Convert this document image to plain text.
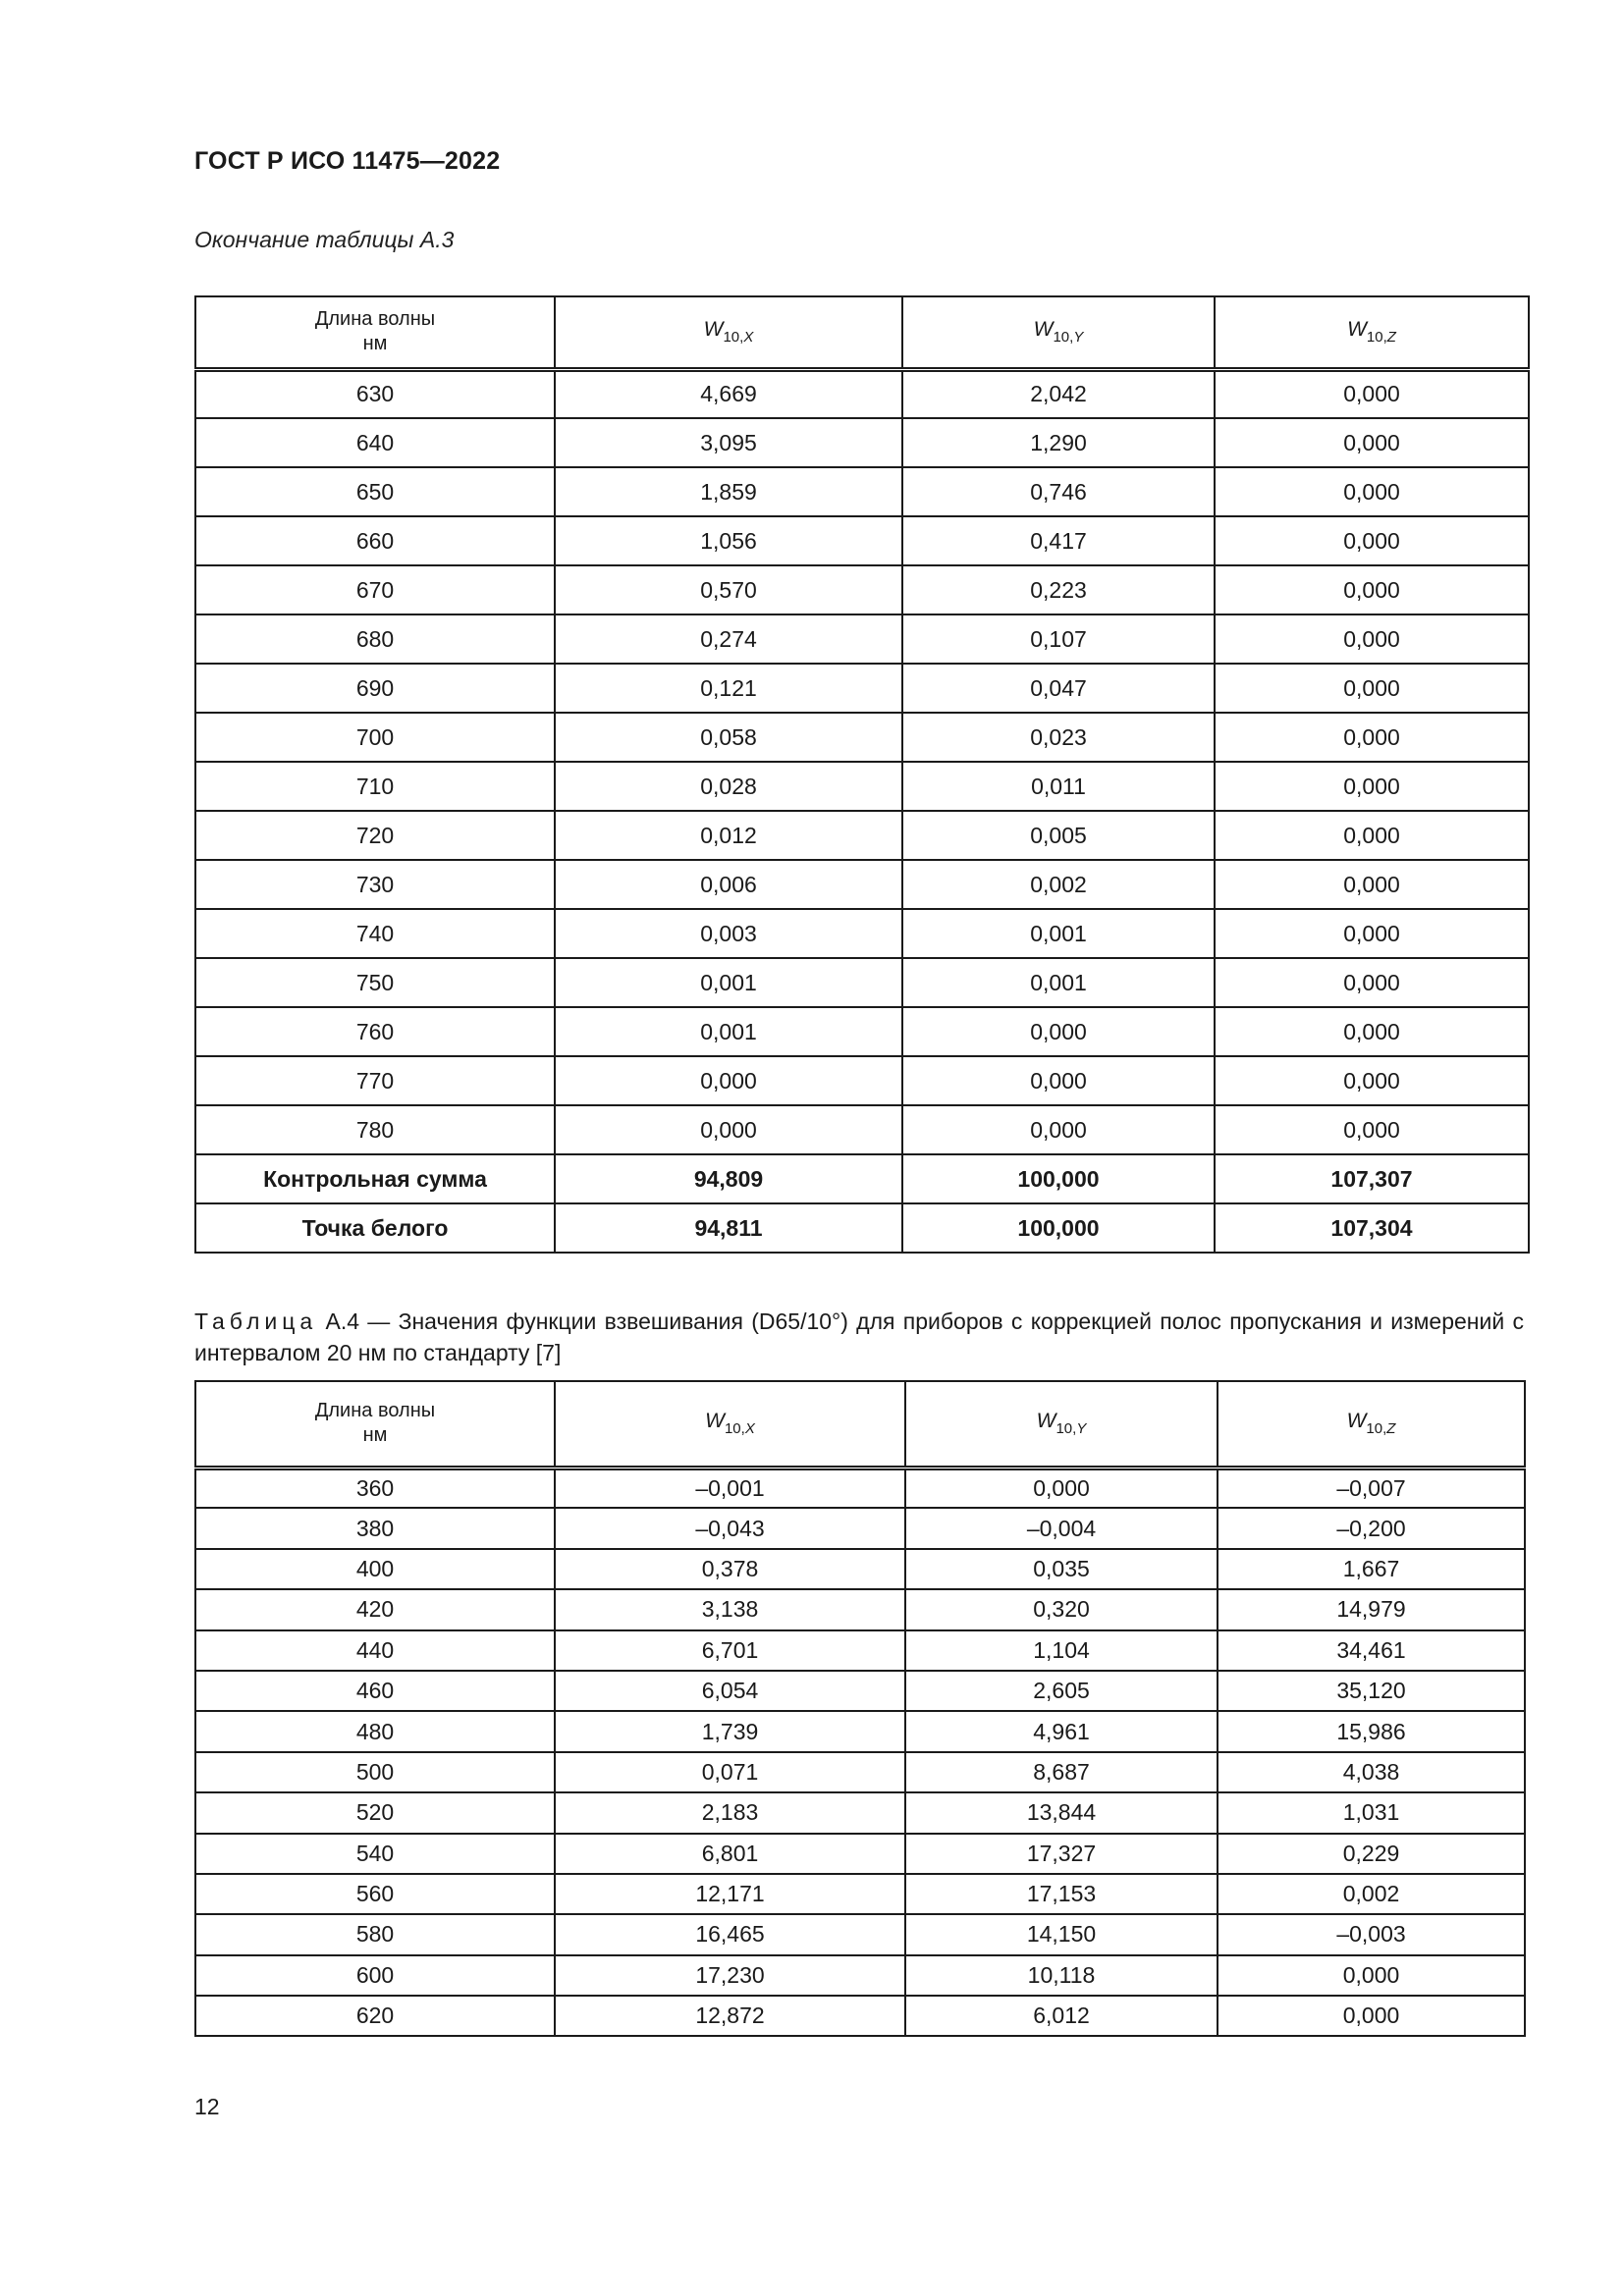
ГОСТ Р ИСО 11475—2022
Окончание таблицы А.3
Длина волны
нм	$W_{10,X}$	$W_{10,Y}$	$W_{10,Z}$
630	4,669	2,042	0,000
640	3,095	1,290	0,000
650	1,859	0,746	0,000
660	1,056	0,417	0,000
670	0,570	0,223	0,000
680	0,274	0,107	0,000
690	0,121	0,047	0,000
700	0,058	0,023	0,000
710	0,028	0,011	0,000
720	0,012	0,005	0,000
730	0,006	0,002	0,000
740	0,003	0,001	0,000
750	0,001	0,001	0,000
760	0,001	0,000	0,000
770	0,000	0,000	0,000
780	0,000	0,000	0,000
Контрольная сумма	94,809	100,000	107,307
Точка белого	94,811	100,000	107,304
Таблица А.4 — Значения функции взвешивания (D65/10°) для приборов с коррекцией полос пропускания и измерений с интервалом 20 нм по стандарту [7]
Длина волны
нм	$W_{10,X}$	$W_{10,Y}$	$W_{10,Z}$
360	–0,001	0,000	–0,007
380	–0,043	–0,004	–0,200
400	0,378	0,035	1,667
420	3,138	0,320	14,979
440	6,701	1,104	34,461
460	6,054	2,605	35,120
480	1,739	4,961	15,986
500	0,071	8,687	4,038
520	2,183	13,844	1,031
540	6,801	17,327	0,229
560	12,171	17,153	0,002
580	16,465	14,150	–0,003
600	17,230	10,118	0,000
620	12,872	6,012	0,000
12
